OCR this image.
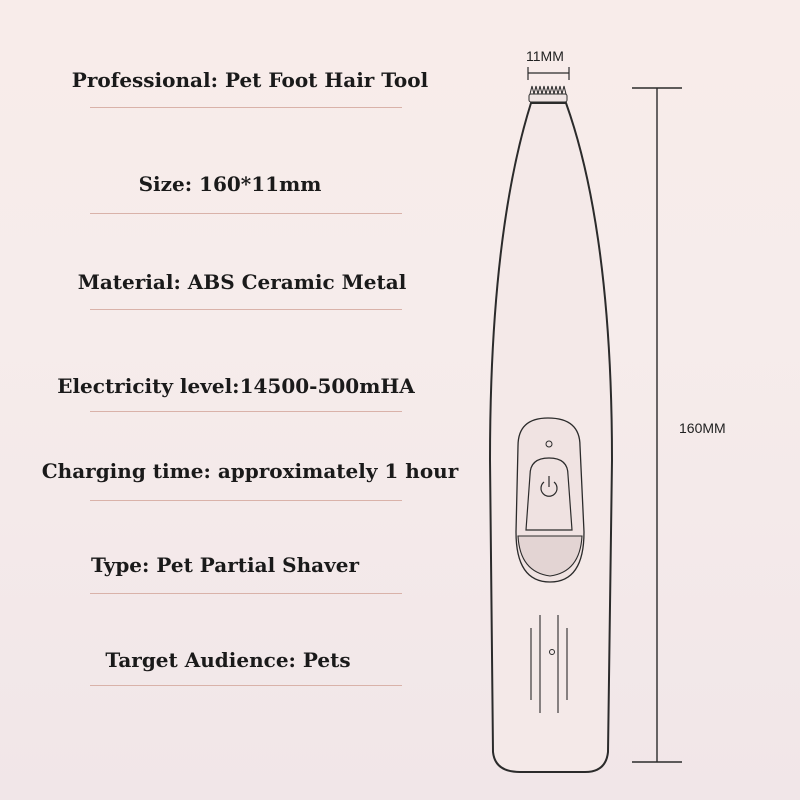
Professional: Pet Foot Hair Tool
Size: 160*11mm
Material: ABS Ceramic Metal
Electricity level:14500-500mHA
Charging time: approximately 1 hour
Type: Pet Partial Shaver
Target Audience: Pets
11MM
160MM
